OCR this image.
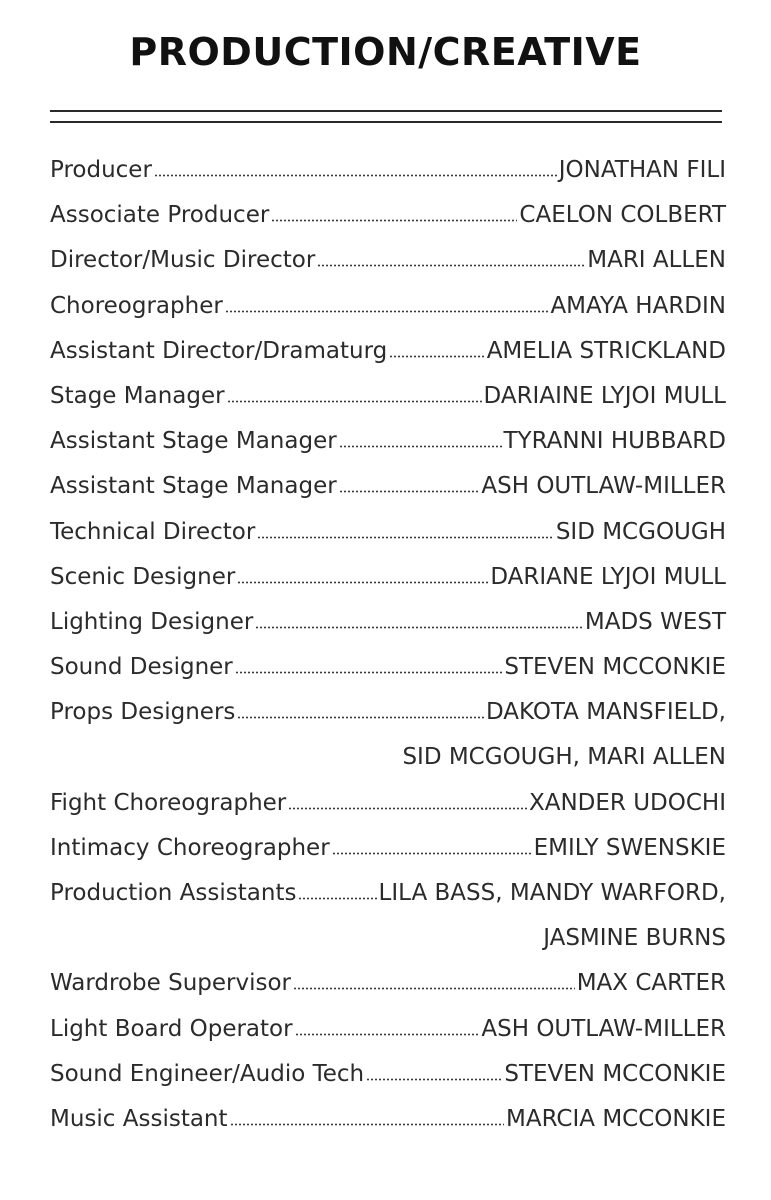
PRODUCTION/CREATIVE
Producer	JONATHAN FILI
Associate Producer	CAELON COLBERT
Director/Music Director	MARI ALLEN
Choreographer	AMAYA HARDIN
Assistant Director/Dramaturg	AMELIA STRICKLAND
Stage Manager	DARIAINE LYJOI MULL
Assistant Stage Manager	TYRANNI HUBBARD
Assistant Stage Manager	ASH OUTLAW-MILLER
Technical Director	SID MCGOUGH
Scenic Designer	DARIANE LYJOI MULL
Lighting Designer	MADS WEST
Sound Designer	STEVEN MCCONKIE
Props Designers	DAKOTA MANSFIELD,
SID MCGOUGH, MARI ALLEN
Fight Choreographer	XANDER UDOCHI
Intimacy Choreographer	EMILY SWENSKIE
Production Assistants	LILA BASS, MANDY WARFORD,
JASMINE BURNS
Wardrobe Supervisor	MAX CARTER
Light Board Operator	ASH OUTLAW-MILLER
Sound Engineer/Audio Tech	STEVEN MCCONKIE
Music Assistant	MARCIA MCCONKIE
